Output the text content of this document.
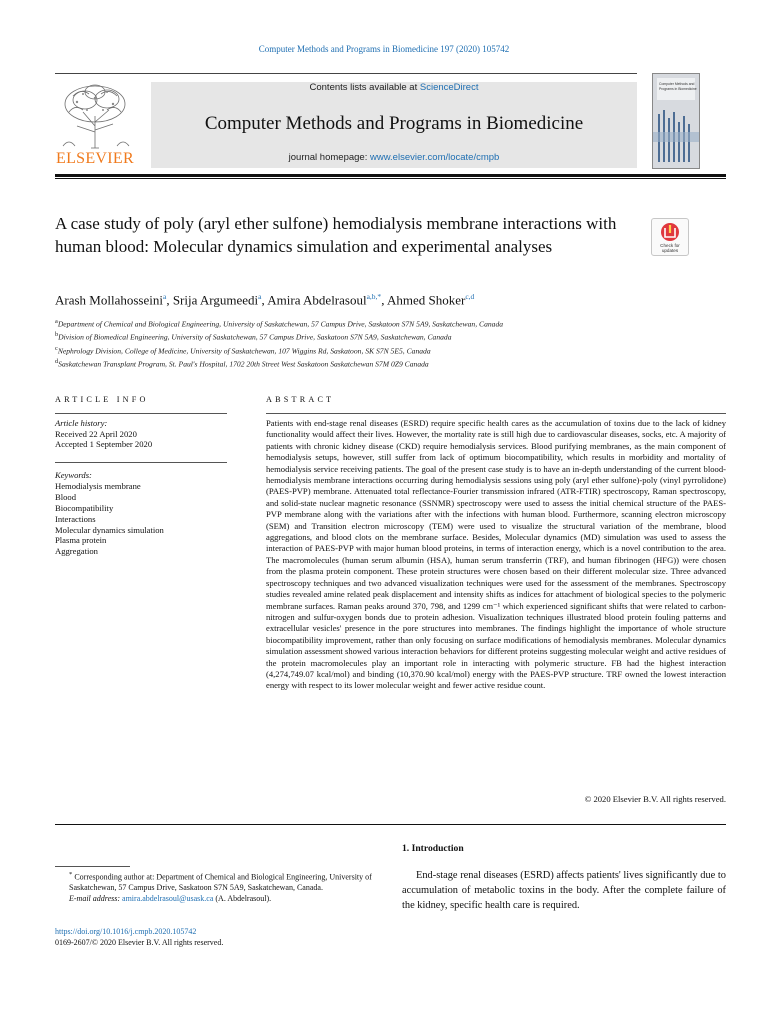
Computer Methods and Programs in Biomedicine 197 (2020) 105742
ELSEVIER
Contents lists available at ScienceDirect
Computer Methods and Programs in Biomedicine
journal homepage: www.elsevier.com/locate/cmpb
Computer Methods and
Programs in Biomedicine
A case study of poly (aryl ether sulfone) hemodialysis membrane interactions with human blood: Molecular dynamics simulation and experimental analyses	Check for
updates
Arash Mollahosseini$^a$, Srija Argumeedi$^a$, Amira Abdelrasoul$^{a,b,*}$, Ahmed Shoker$^{c,d}$
$^a$Department of Chemical and Biological Engineering, University of Saskatchewan, 57 Campus Drive, Saskatoon S7N 5A9, Saskatchewan, Canada
$^b$Division of Biomedical Engineering, University of Saskatchewan, 57 Campus Drive, Saskatoon S7N 5A9, Saskatchewan, Canada
$^c$Nephrology Division, College of Medicine, University of Saskatchewan, 107 Wiggins Rd, Saskatoon, SK S7N 5E5, Canada
$^d$Saskatchewan Transplant Program, St. Paul's Hospital, 1702 20th Street West Saskatoon Saskatchewan S7M 0Z9 Canada
ARTICLE INFO	ABSTRACT
Article history:
Received 22 April 2020
Accepted 1 September 2020
Keywords:
Hemodialysis membrane
Blood
Biocompatibility
Interactions
Molecular dynamics simulation
Plasma protein
Aggregation
Patients with end-stage renal diseases (ESRD) require specific health cares as the accumulation of toxins due to the lack of kidney functionality would affect their lives. However, the mortality rate is still high due to cardiovascular diseases, socks, etc. A majority of patients with chronic kidney disease (CKD) require hemodialysis services. Blood purifying membranes, as the main component of hemodialysis setups, however, still suffer from lack of optimum biocompatibility, which results in morbidity and mortality of hemodialysis service receiving patients. The goal of the present case study is to have an in-depth understanding of the current blood-hemodialysis membrane interactions occurring during hemodialysis sessions using poly (aryl ether sulfone)-poly (vinyl pyrrolidone) (PAES-PVP) membrane. Attenuated total reflectance-Fourier transmission infrared (ATR-FTIR) spectroscopy, Raman spectroscopy, and solid-state nuclear magnetic resonance (SSNMR) spectroscopy were used to assess the initial chemical structure of the PAES-PVP membrane along with the variations after with the infections with human blood. Furthermore, scanning electron microscopy (SEM) and Transition electron microscopy (TEM) were used to visualize the structural variation of the membrane, blood aggregations, and blood clots on the membrane surface. Besides, Molecular dynamics (MD) simulation was used to assess the interaction of PAES-PVP with major human blood proteins, in terms of interaction energy, which is a novel contribution to the area. The macromolecules (human serum albumin (HSA), human serum transferrin (TRF), and human fibrinogen (HFG)) were chosen from the plasma protein component. These protein structures were chosen based on their different molecular size. Three advanced spectroscopy techniques and two advanced visualization techniques were used for the assessment of the membranes. Spectroscopy studies revealed amine related peak displacement and intensity shifts as indices for attachment of biological species to the polymeric membrane surfaces. Raman peaks around 370, 798, and 1299 cm⁻¹ which experienced significant shifts that were related to carbon-nitrogen and sulfur-oxygen bonds due to protein adhesion. Visualization techniques illustrated blood protein fouling patterns and extracellular vesicles' presence in the pore structures into membranes. The findings highlight the importance of whole structure biocompatibility improvement, rather than only focusing on surface modifications of hemodialysis membranes. Molecular dynamics simulation assessment showed various interaction behaviors for different proteins suggesting molecular weight and active residues of the protein macromolecules play an important role in interacting with polymeric structure. FB had the highest interaction (4,274,749.07 kcal/mol) and binding (10,370.90 kcal/mol) energy with the PAES-PVP structure. TRF owned the lowest interaction energy with respect to its lower molecular weight and fewer active residue count.
© 2020 Elsevier B.V. All rights reserved.
* Corresponding author at: Department of Chemical and Biological Engineering, University of Saskatchewan, 57 Campus Drive, Saskatoon S7N 5A9, Saskatchewan, Canada.
E-mail address: amira.abdelrasoul@usask.ca (A. Abdelrasoul).
https://doi.org/10.1016/j.cmpb.2020.105742
0169-2607/© 2020 Elsevier B.V. All rights reserved.
1. Introduction
End-stage renal diseases (ESRD) affects patients' lives significantly due to accumulation of metabolic toxins in the body. After the complete failure of the kidney, specific health care is required.
